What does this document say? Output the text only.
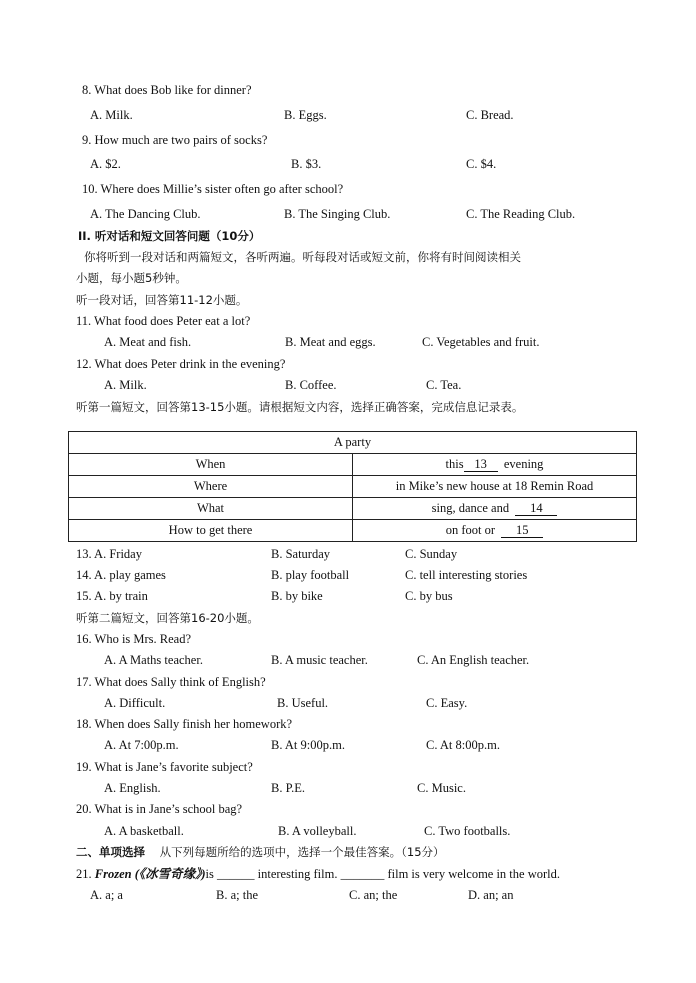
8. What does Bob like for dinner?
A. Milk.	B. Eggs.	C. Bread.
9. How much are two pairs of socks?
A. $2.	B. $3.	C. $4.
10. Where does Millie’s sister often go after school?
A. The Dancing Club.	B. The Singing Club.	C. The Reading Club.
II. 听对话和短文回答问题（10分）
你将听到一段对话和两篇短文，各听两遍。听每段对话或短文前，你将有时间阅读相关
小题，每小题5秒钟。
听一段对话，回答第11-12小题。
11. What food does Peter eat a lot?
A. Meat and fish.	B. Meat and eggs.	C. Vegetables and fruit.
12. What does Peter drink in the evening?
A. Milk.	B. Coffee.	C. Tea.
听第一篇短文，回答第13-15小题。请根据短文内容，选择正确答案，完成信息记录表。
A party	
When	this 13 evening
Where	in Mike’s new house at 18 Remin Road
What	sing, dance and 14
How to get there	on foot or 15
13. A. Friday	B. Saturday	C. Sunday
14. A. play games	B. play football	C. tell interesting stories
15. A. by train	B. by bike	C. by bus
听第二篇短文，回答第16-20小题。
16. Who is Mrs. Read?
A. A Maths teacher.	B. A music teacher.	C. An English teacher.
17. What does Sally think of English?
A. Difficult.	B. Useful.	C. Easy.
18. When does Sally finish her homework?
A. At 7:00p.m.	B. At 9:00p.m.	C. At 8:00p.m.
19. What is Jane’s favorite subject?
A. English.	B. P.E.	C. Music.
20. What is in Jane’s school bag?
A. A basketball.	B. A volleyball.	C. Two footballs.
二、单项选择 从下列每题所给的选项中，选择一个最佳答案。（15分）
21. Frozen (《冰雪奇缘》)is ______ interesting film. _______ film is very welcome in the world.
A. a; a	B. a; the	C. an; the	D. an; an
